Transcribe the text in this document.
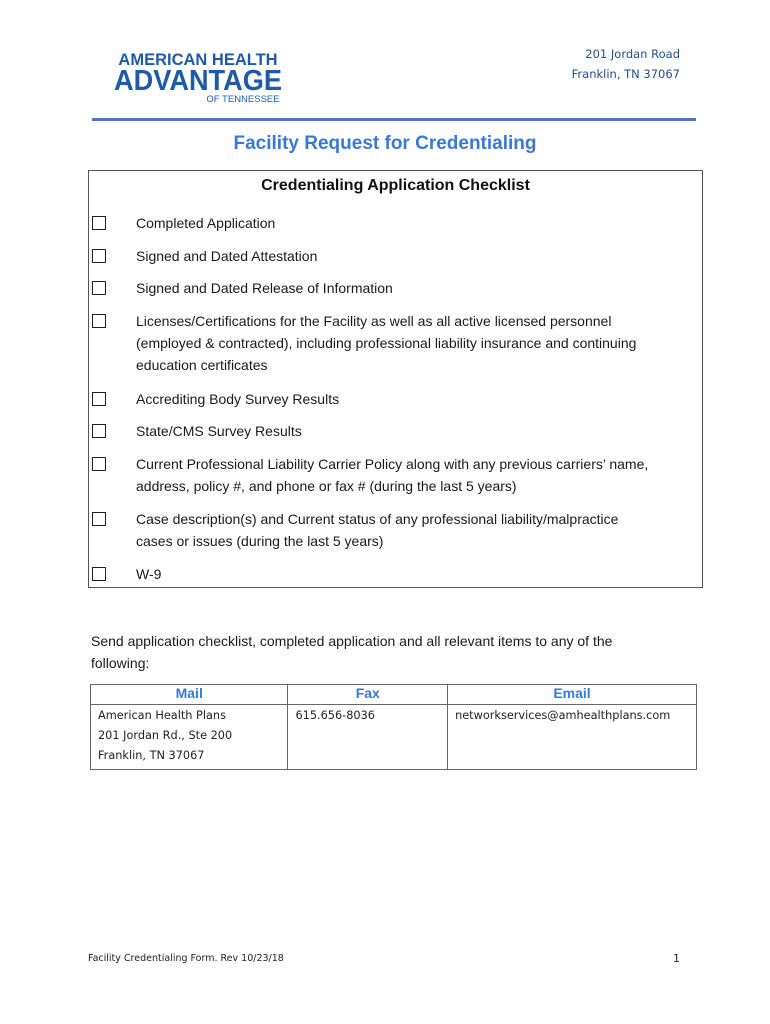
AMERICAN HEALTH
ADVANTAGE
OF TENNESSEE
201 Jordan Road
Franklin, TN 37067
Facility Request for Credentialing
Credentialing Application Checklist
Completed Application
Signed and Dated Attestation
Signed and Dated Release of Information
Licenses/Certifications for the Facility as well as all active licensed personnel
(employed & contracted), including professional liability insurance and continuing
education certificates
Accrediting Body Survey Results
State/CMS Survey Results
Current Professional Liability Carrier Policy along with any previous carriers’ name,
address, policy #, and phone or fax # (during the last 5 years)
Case description(s) and Current status of any professional liability/malpractice
cases or issues (during the last 5 years)
W-9
Send application checklist, completed application and all relevant items to any of the
following:
Mail	Fax	Email

American Health Plans
201 Jordan Rd., Ste 200
Franklin, TN 37067	615.656-8036	networkservices@amhealthplans.com
Facility Credentialing Form. Rev 10/23/18	1
